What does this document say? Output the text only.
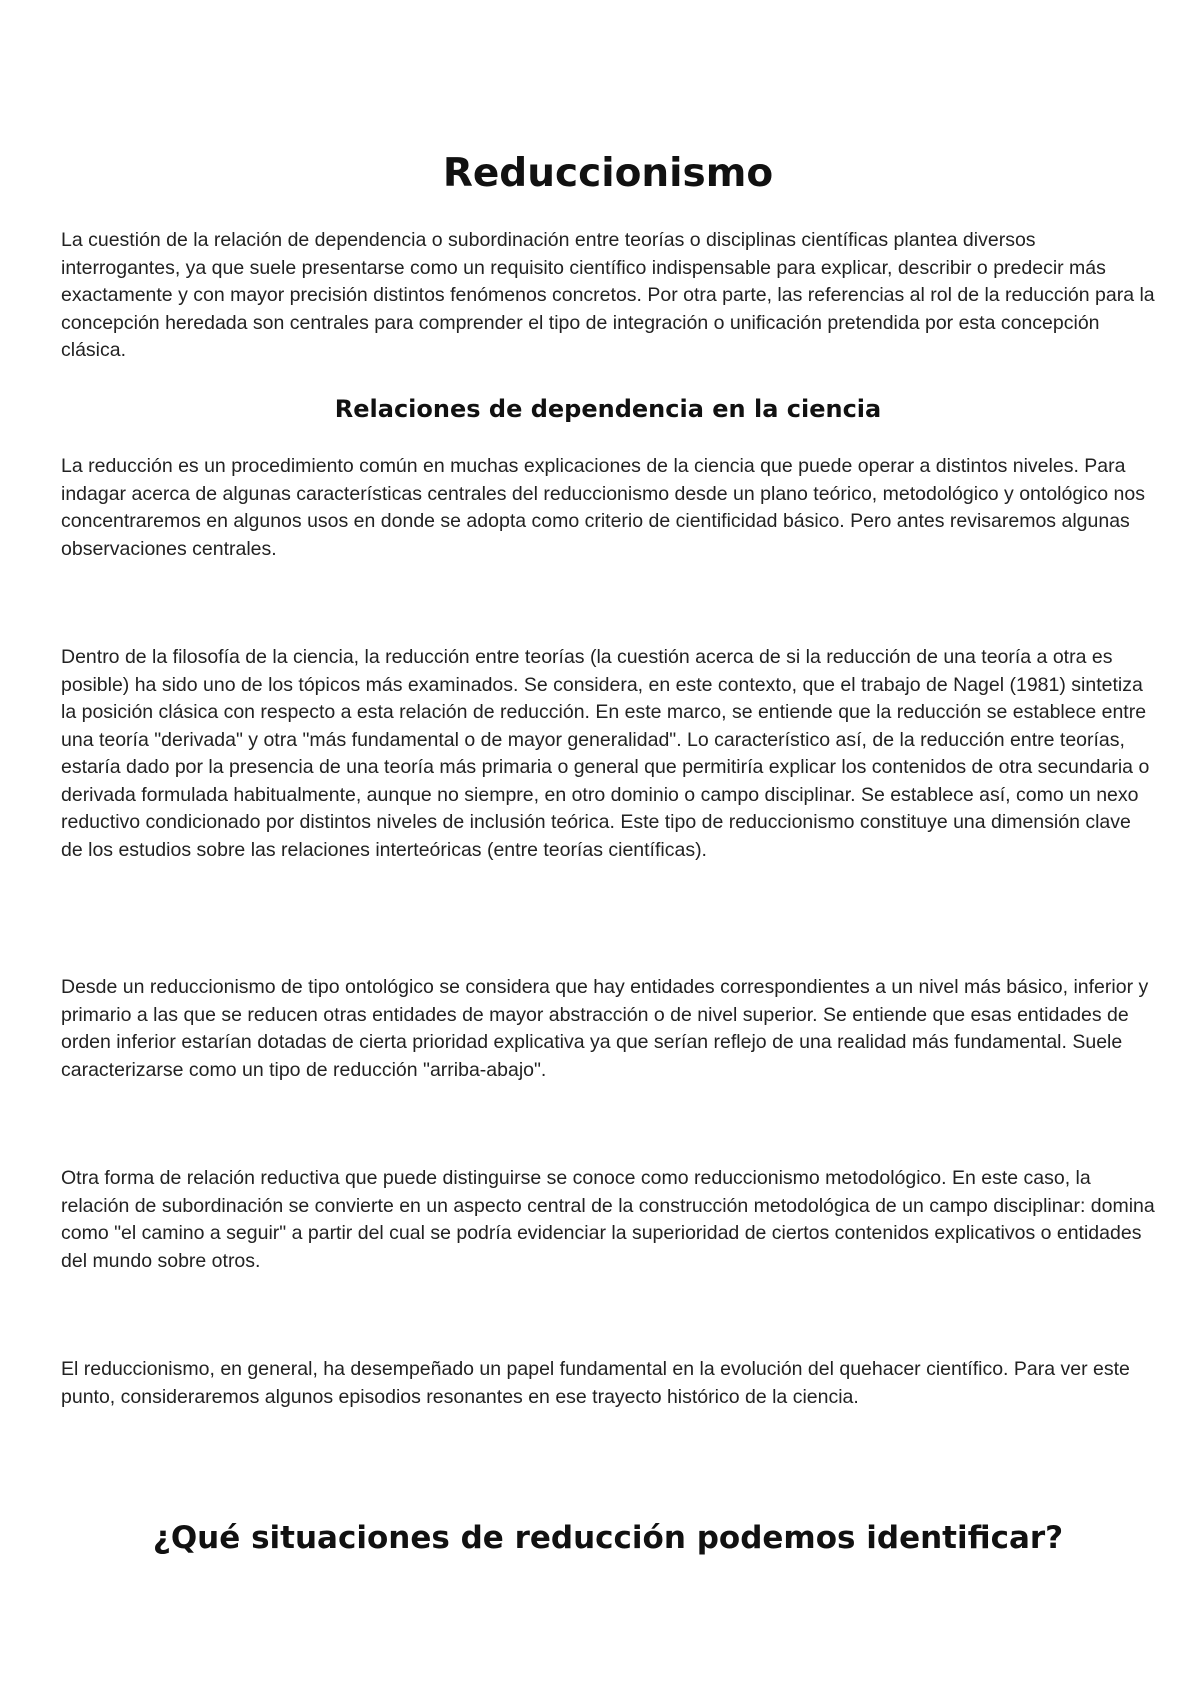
Reduccionismo

La cuestión de la relación de dependencia o subordinación entre teorías o disciplinas científicas plantea diversos interrogantes, ya que suele presentarse como un requisito científico indispensable para explicar, describir o predecir más exactamente y con mayor precisión distintos fenómenos concretos. Por otra parte, las referencias al rol de la reducción para la concepción heredada son centrales para comprender el tipo de integración o unificación pretendida por esta concepción clásica.

Relaciones de dependencia en la ciencia

La reducción es un procedimiento común en muchas explicaciones de la ciencia que puede operar a distintos niveles. Para indagar acerca de algunas características centrales del reduccionismo desde un plano teórico, metodológico y ontológico nos concentraremos en algunos usos en donde se adopta como criterio de cientificidad básico. Pero antes revisaremos algunas observaciones centrales.

Dentro de la filosofía de la ciencia, la reducción entre teorías (la cuestión acerca de si la reducción de una teoría a otra es posible) ha sido uno de los tópicos más examinados. Se considera, en este contexto, que el trabajo de Nagel (1981) sintetiza la posición clásica con respecto a esta relación de reducción. En este marco, se entiende que la reducción se establece entre una teoría "derivada" y otra "más fundamental o de mayor generalidad". Lo característico así, de la reducción entre teorías, estaría dado por la presencia de una teoría más primaria o general que permitiría explicar los contenidos de otra secundaria o derivada formulada habitualmente, aunque no siempre, en otro dominio o campo disciplinar. Se establece así, como un nexo reductivo condicionado por distintos niveles de inclusión teórica. Este tipo de reduccionismo constituye una dimensión clave de los estudios sobre las relaciones interteóricas (entre teorías científicas).

Desde un reduccionismo de tipo ontológico se considera que hay entidades correspondientes a un nivel más básico, inferior y primario a las que se reducen otras entidades de mayor abstracción o de nivel superior. Se entiende que esas entidades de orden inferior estarían dotadas de cierta prioridad explicativa ya que serían reflejo de una realidad más fundamental. Suele caracterizarse como un tipo de reducción "arriba-abajo".

Otra forma de relación reductiva que puede distinguirse se conoce como reduccionismo metodológico. En este caso, la relación de subordinación se convierte en un aspecto central de la construcción metodológica de un campo disciplinar: domina como "el camino a seguir" a partir del cual se podría evidenciar la superioridad de ciertos contenidos explicativos o entidades del mundo sobre otros.

El reduccionismo, en general, ha desempeñado un papel fundamental en la evolución del quehacer científico. Para ver este punto, consideraremos algunos episodios resonantes en ese trayecto histórico de la ciencia.

¿Qué situaciones de reducción podemos identificar?
